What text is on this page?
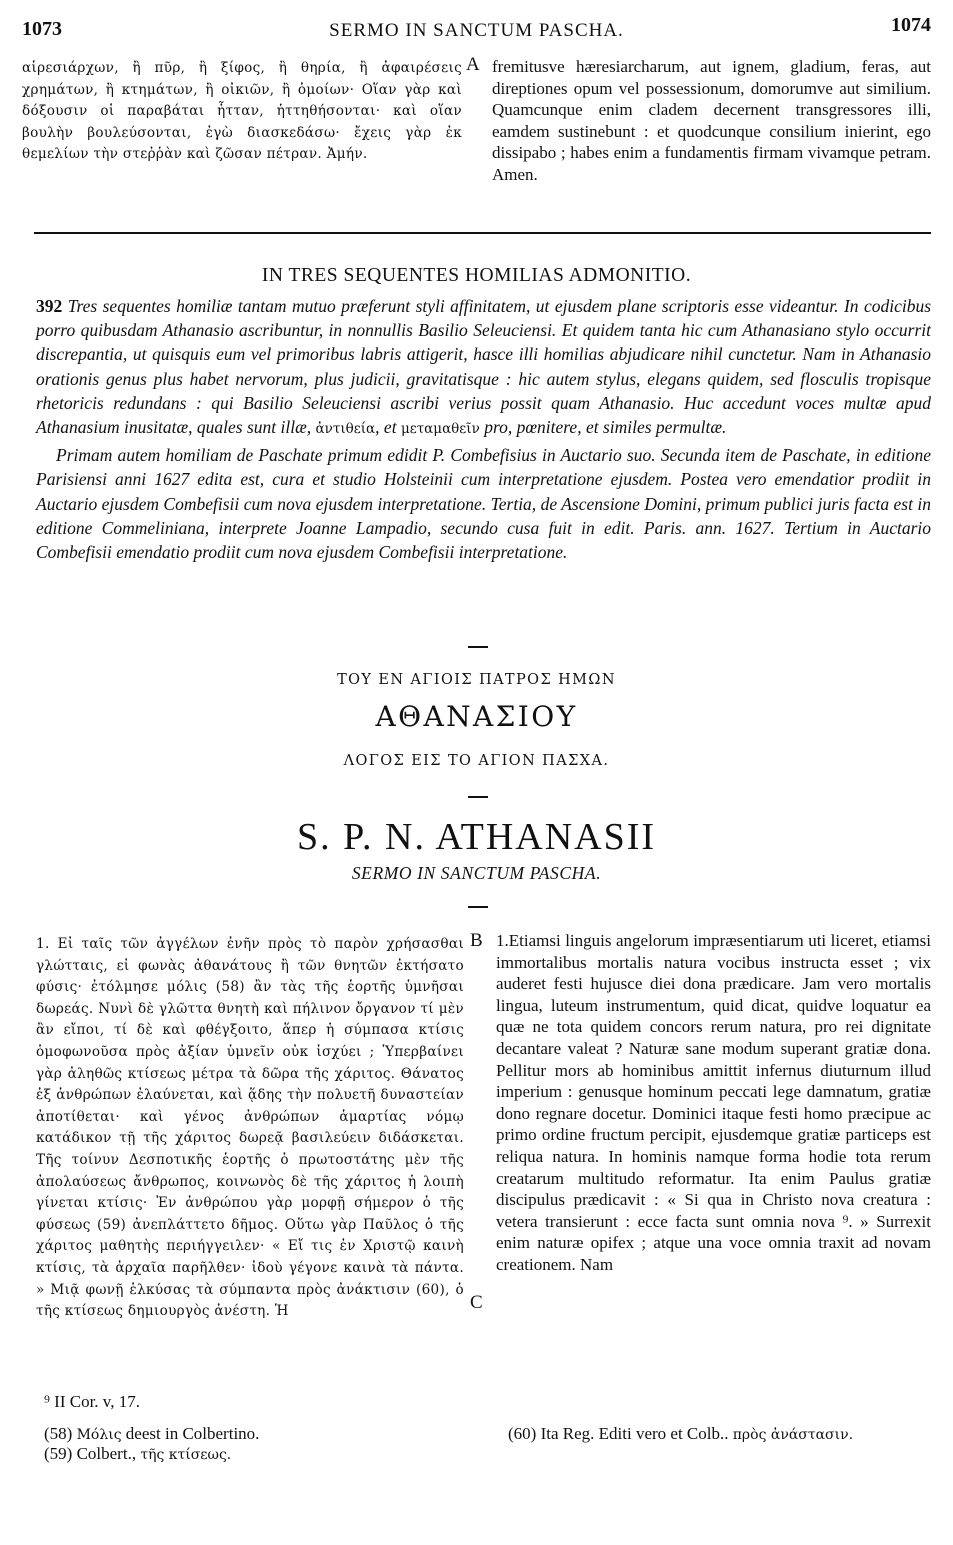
1073	SERMO IN SANCTUM PASCHA.	1074
αἱρεσιάρχων, ἢ πῦρ, ἢ ξίφος, ἢ θηρία, ἢ ἀφαιρέσεις χρημάτων, ἢ κτημάτων, ἢ οἰκιῶν, ἢ ὁμοίων· Οἵαν γὰρ καὶ δόξουσιν οἱ παραβάται ἧτταν, ἡττηθήσονται· καὶ οἵαν βουλὴν βουλεύσονται, ἐγὼ διασκεδάσω· ἔχεις γὰρ ἐκ θεμελίων τὴν στεῤῥὰν καὶ ζῶσαν πέτραν. Ἀμήν.
A fremitusve hæresiarcharum, aut ignem, gladium, feras, aut direptiones opum vel possessionum, domorumve aut similium. Quamcunque enim cladem decernent transgressores illi, eamdem sustinebunt : et quodcunque consilium inierint, ego dissipabo ; habes enim a fundamentis firmam vivamque petram. Amen.
IN TRES SEQUENTES HOMILIAS ADMONITIO.

392 Tres sequentes homiliæ tantam mutuo præferunt styli affinitatem, ut ejusdem plane scriptoris esse videantur. In codicibus porro quibusdam Athanasio ascribuntur, in nonnullis Basilio Seleuciensi. Et quidem tanta hic cum Athanasiano stylo occurrit discrepantia, ut quisquis eum vel primoribus labris attigerit, hasce illi homilias abjudicare nihil cunctetur. Nam in Athanasio orationis genus plus habet nervorum, plus judicii, gravitatisque : hic autem stylus, elegans quidem, sed flosculis tropisque rhetoricis redundans : qui Basilio Seleuciensi ascribi verius possit quam Athanasio. Huc accedunt voces multæ apud Athanasium inusitatæ, quales sunt illæ, ἀντιθεία, et μεταμαθεῖν pro, pœnitere, et similes permultæ.

Primam autem homiliam de Paschate primum edidit P. Combefisius in Auctario suo. Secunda item de Paschate, in editione Parisiensi anni 1627 edita est, cura et studio Holsteinii cum interpretatione ejusdem. Postea vero emendatior prodiit in Auctario ejusdem Combefisii cum nova ejusdem interpretatione. Tertia, de Ascensione Domini, primum publici juris facta est in editione Commeliniana, interprete Joanne Lampadio, secundo cusa fuit in edit. Paris. ann. 1627. Tertium in Auctario Combefisii emendatio prodiit cum nova ejusdem Combefisii interpretatione.

ΤΟΥ ΕΝ ΑΓΙΟΙΣ ΠΑΤΡΟΣ ΗΜΩΝ
ΑΘΑΝΑΣΙΟΥ
ΛΟΓΟΣ ΕΙΣ ΤΟ ΑΓΙΟΝ ΠΑΣΧΑ.
S. P. N. ATHANASII
SERMO IN SANCTUM PASCHA.
1. Εἰ ταῖς τῶν ἀγγέλων ἐνῆν πρὸς τὸ παρὸν χρήσασθαι γλώτταις, εἰ φωνὰς ἀθανάτους ἢ τῶν θνητῶν ἐκτήσατο φύσις· ἐτόλμησε μόλις (58) ἂν τὰς τῆς ἑορτῆς ὑμνῆσαι δωρεάς. Νυνὶ δὲ γλῶττα θνητὴ καὶ πήλινον ὄργανον τί μὲν ἂν εἴποι, τί δὲ καὶ φθέγξοιτο, ἅπερ ἡ σύμπασα κτίσις ὁμοφωνοῦσα πρὸς ἀξίαν ὑμνεῖν οὐκ ἰσχύει ; Ὑπερβαίνει γὰρ ἀληθῶς κτίσεως μέτρα τὰ δῶρα τῆς χάριτος. Θάνατος ἐξ ἀνθρώπων ἐλαύνεται, καὶ ᾅδης τὴν πολυετῆ δυναστείαν ἀποτίθεται· καὶ γένος ἀνθρώπων ἁμαρτίας νόμῳ κατάδικον τῇ τῆς χάριτος δωρεᾷ βασιλεύειν διδάσκεται. Τῆς τοίνυν Δεσποτικῆς ἑορτῆς ὁ πρωτοστάτης μὲν τῆς ἀπολαύσεως ἄνθρωπος, κοινωνὸς δὲ τῆς χάριτος ἡ λοιπὴ γίνεται κτίσις· Ἐν ἀνθρώπου γὰρ μορφῇ σήμερον ὁ τῆς φύσεως (59) ἀνεπλάττετο δῆμος. Οὕτω γὰρ Παῦλος ὁ τῆς χάριτος μαθητὴς περιήγγειλεν· « Εἴ τις ἐν Χριστῷ καινὴ κτίσις, τὰ ἀρχαῖα παρῆλθεν· ἰδοὺ γέγονε καινὰ τὰ πάντα. » Μιᾷ φωνῇ ἑλκύσας τὰ σύμπαντα πρὸς ἀνάκτισιν (60), ὁ τῆς κτίσεως δημιουργὸς ἀνέστη. Ἡ
B
C
1.Etiamsi linguis angelorum impræsentiarum uti liceret, etiamsi immortalibus mortalis natura vocibus instructa esset ; vix auderet festi hujusce diei dona prædicare. Jam vero mortalis lingua, luteum instrumentum, quid dicat, quidve loquatur ea quæ ne tota quidem concors rerum natura, pro rei dignitate decantare valeat ? Naturæ sane modum superant gratiæ dona. Pellitur mors ab hominibus amittit infernus diuturnum illud imperium : genusque hominum peccati lege damnatum, gratiæ dono regnare docetur. Dominici itaque festi homo præcipue ac primo ordine fructum percipit, ejusdemque gratiæ particeps est reliqua natura. In hominis namque forma hodie tota rerum creatarum multitudo reformatur. Ita enim Paulus gratiæ discipulus prædicavit : « Si qua in Christo nova creatura : vetera transierunt : ecce facta sunt omnia nova ⁹. » Surrexit enim naturæ opifex ; atque una voce omnia traxit ad novam creationem. Nam
⁹ II Cor. v, 17.
(58) Μόλις deest in Colbertino.
(59) Colbert., τῆς κτίσεως.
(60) Ita Reg. Editi vero et Colb.. πρὸς ἀνάστασιν.
